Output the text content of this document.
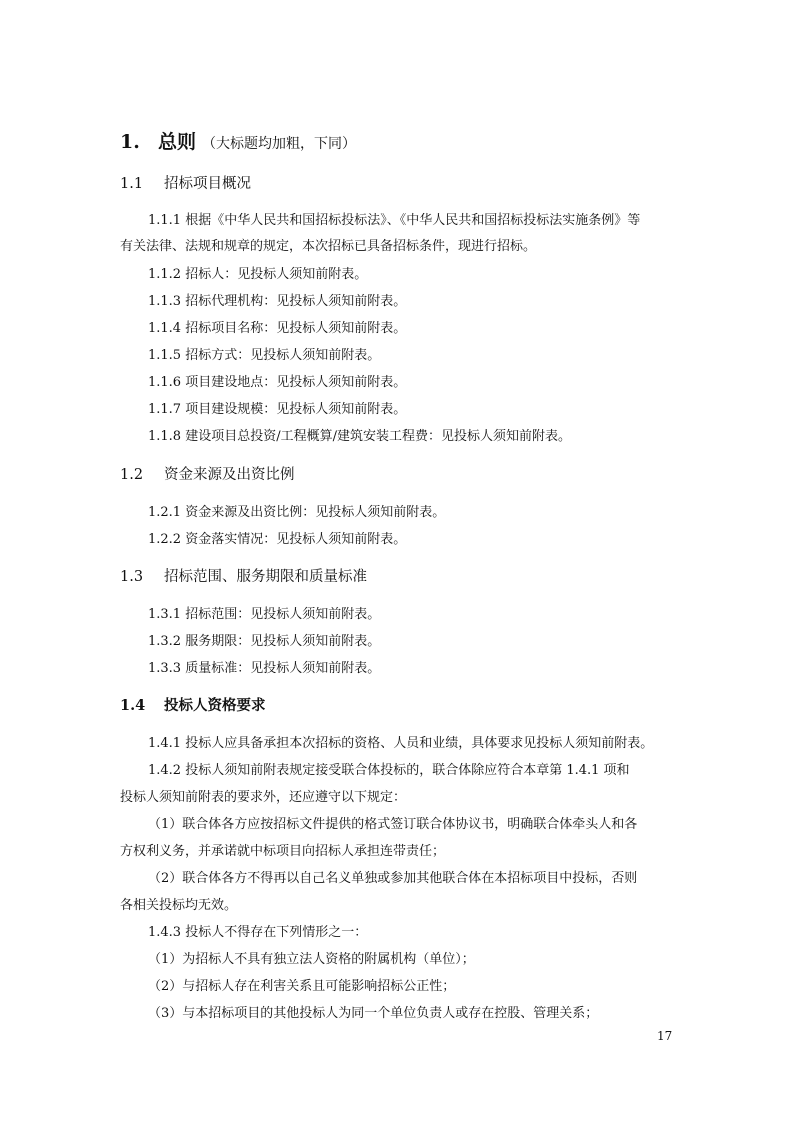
1. 总则 （大标题均加粗，下同）
1.1 招标项目概况
1.1.1 根据《中华人民共和国招标投标法》、《中华人民共和国招标投标法实施条例》等
有关法律、法规和规章的规定，本次招标已具备招标条件，现进行招标。
1.1.2 招标人：见投标人须知前附表。
1.1.3 招标代理机构：见投标人须知前附表。
1.1.4 招标项目名称：见投标人须知前附表。
1.1.5 招标方式：见投标人须知前附表。
1.1.6 项目建设地点：见投标人须知前附表。
1.1.7 项目建设规模：见投标人须知前附表。
1.1.8 建设项目总投资/工程概算/建筑安装工程费：见投标人须知前附表。
1.2 资金来源及出资比例
1.2.1 资金来源及出资比例：见投标人须知前附表。
1.2.2 资金落实情况：见投标人须知前附表。
1.3 招标范围、服务期限和质量标准
1.3.1 招标范围：见投标人须知前附表。
1.3.2 服务期限：见投标人须知前附表。
1.3.3 质量标准：见投标人须知前附表。
1.4 投标人资格要求
1.4.1 投标人应具备承担本次招标的资格、人员和业绩，具体要求见投标人须知前附表。
1.4.2 投标人须知前附表规定接受联合体投标的，联合体除应符合本章第 1.4.1 项和
投标人须知前附表的要求外，还应遵守以下规定：
（1）联合体各方应按招标文件提供的格式签订联合体协议书，明确联合体牵头人和各
方权利义务，并承诺就中标项目向招标人承担连带责任；
（2）联合体各方不得再以自己名义单独或参加其他联合体在本招标项目中投标，否则
各相关投标均无效。
1.4.3 投标人不得存在下列情形之一：
（1）为招标人不具有独立法人资格的附属机构（单位）；
（2）与招标人存在利害关系且可能影响招标公正性；
（3）与本招标项目的其他投标人为同一个单位负责人或存在控股、管理关系；
17
